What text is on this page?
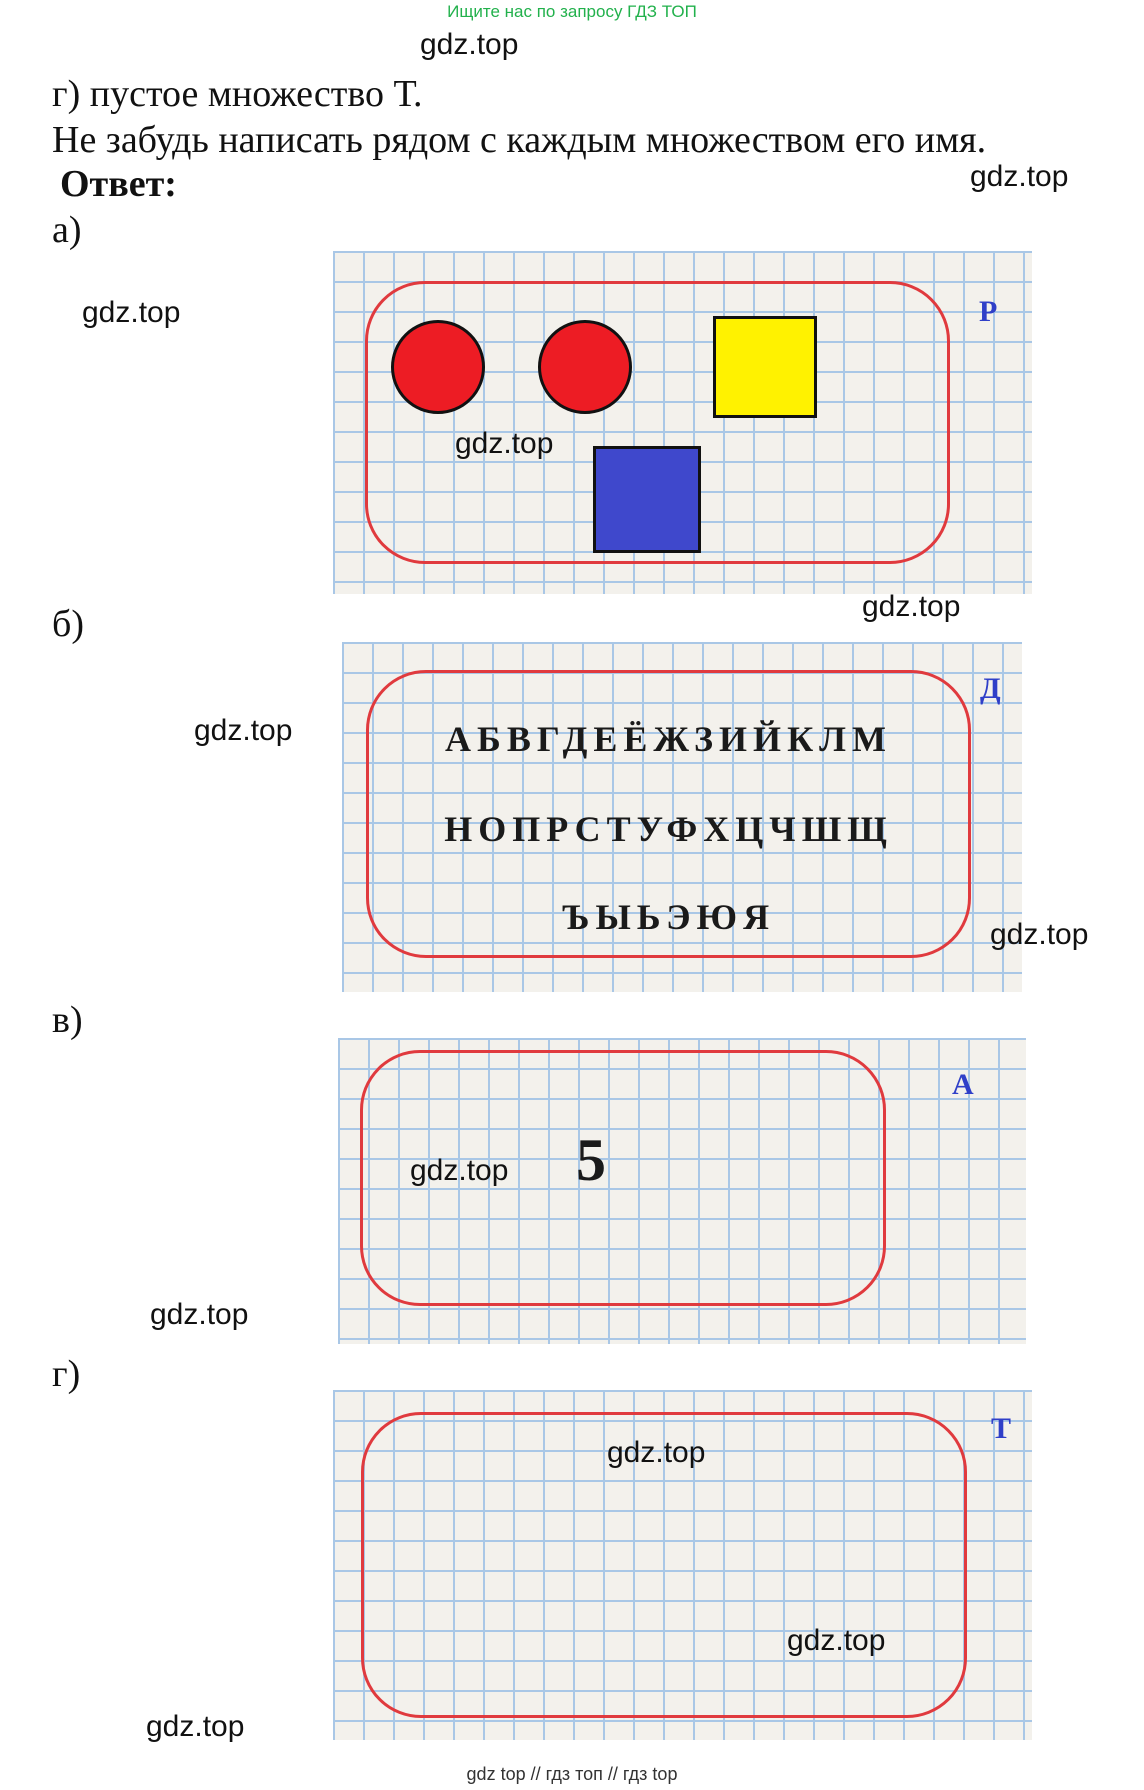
Ищите нас по запросу ГДЗ ТОП
gdz.top
г) пустое множество Т.
Не забудь написать рядом с каждым множеством его имя.
Ответ:	gdz.top
а)
gdz.top	Р
gdz.top
gdz.top
б)
gdz.top
Д
АБВГДЕЁЖЗИЙКЛМ
НОПРСТУФХЦЧШЩ
ЪЫЬЭЮЯ	gdz.top
в)
А
5
gdz.top
gdz.top
г)
Т
gdz.top
gdz.top
gdz.top
gdz top // гдз топ // гдз top
